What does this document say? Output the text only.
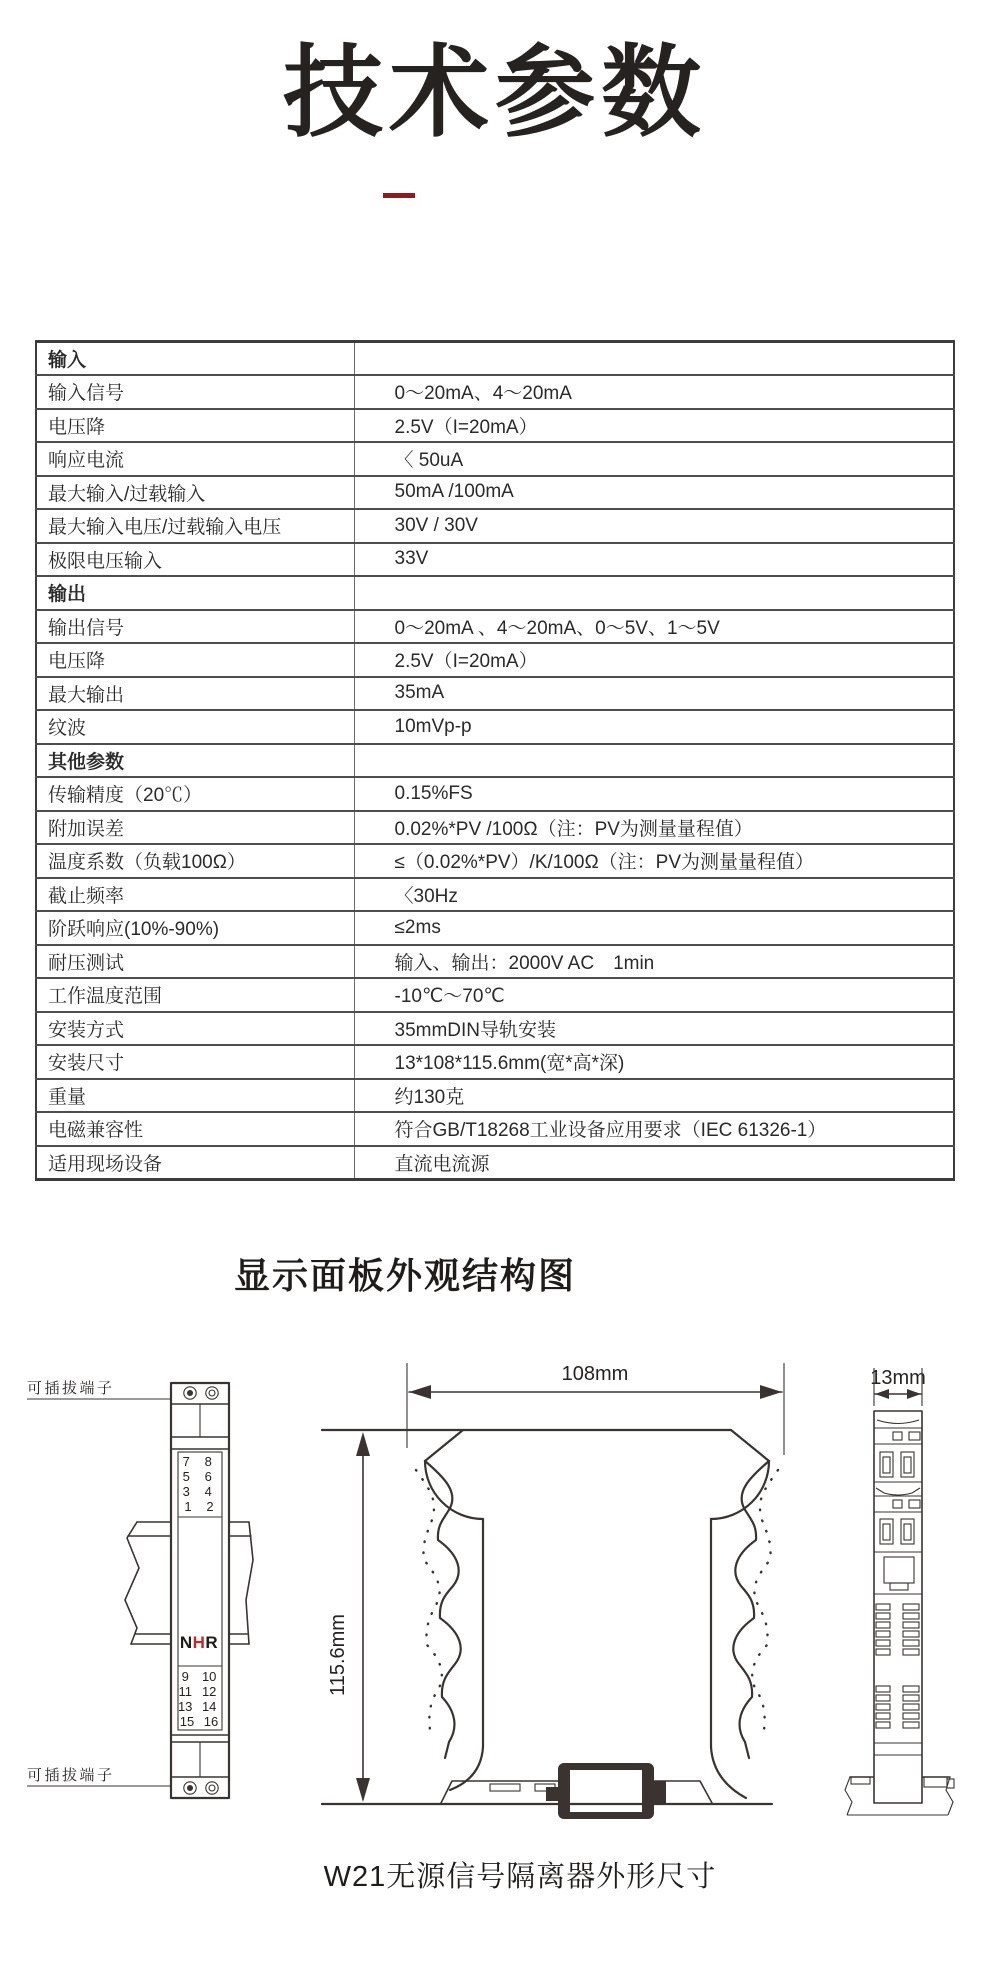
技术参数
输入	
输入信号	0～20mA、4～20mA
电压降	2.5V（I=20mA）
响应电流	〈 50uA
最大输入/过载输入	50mA /100mA
最大输入电压/过载输入电压	30V / 30V
极限电压输入	33V
输出	
输出信号	0～20mA 、4～20mA、0～5V、1～5V
电压降	2.5V（I=20mA）
最大输出	35mA
纹波	10mVp-p
其他参数	
传输精度（20℃）	0.15%FS
附加误差	0.02%*PV /100Ω（注：PV为测量量程值）
温度系数（负载100Ω）	≤（0.02%*PV）/K/100Ω（注：PV为测量量程值）
截止频率	〈30Hz
阶跃响应(10%-90%)	≤2ms
耐压测试	输入、输出：2000V AC　1min
工作温度范围	-10℃～70℃
安装方式	35mmDIN导轨安装
安装尺寸	13*108*115.6mm(宽*高*深)
重量	约130克
电磁兼容性	符合GB/T18268工业设备应用要求（IEC 61326-1）
适用现场设备	直流电流源
显示面板外观结构图
7 5 3 1
8 6 4 2
NHR
9 11 13 15
10 12 14 16
可插拔端子
可插拔端子
108mm
115.6mm
13mm
W21无源信号隔离器外形尺寸
